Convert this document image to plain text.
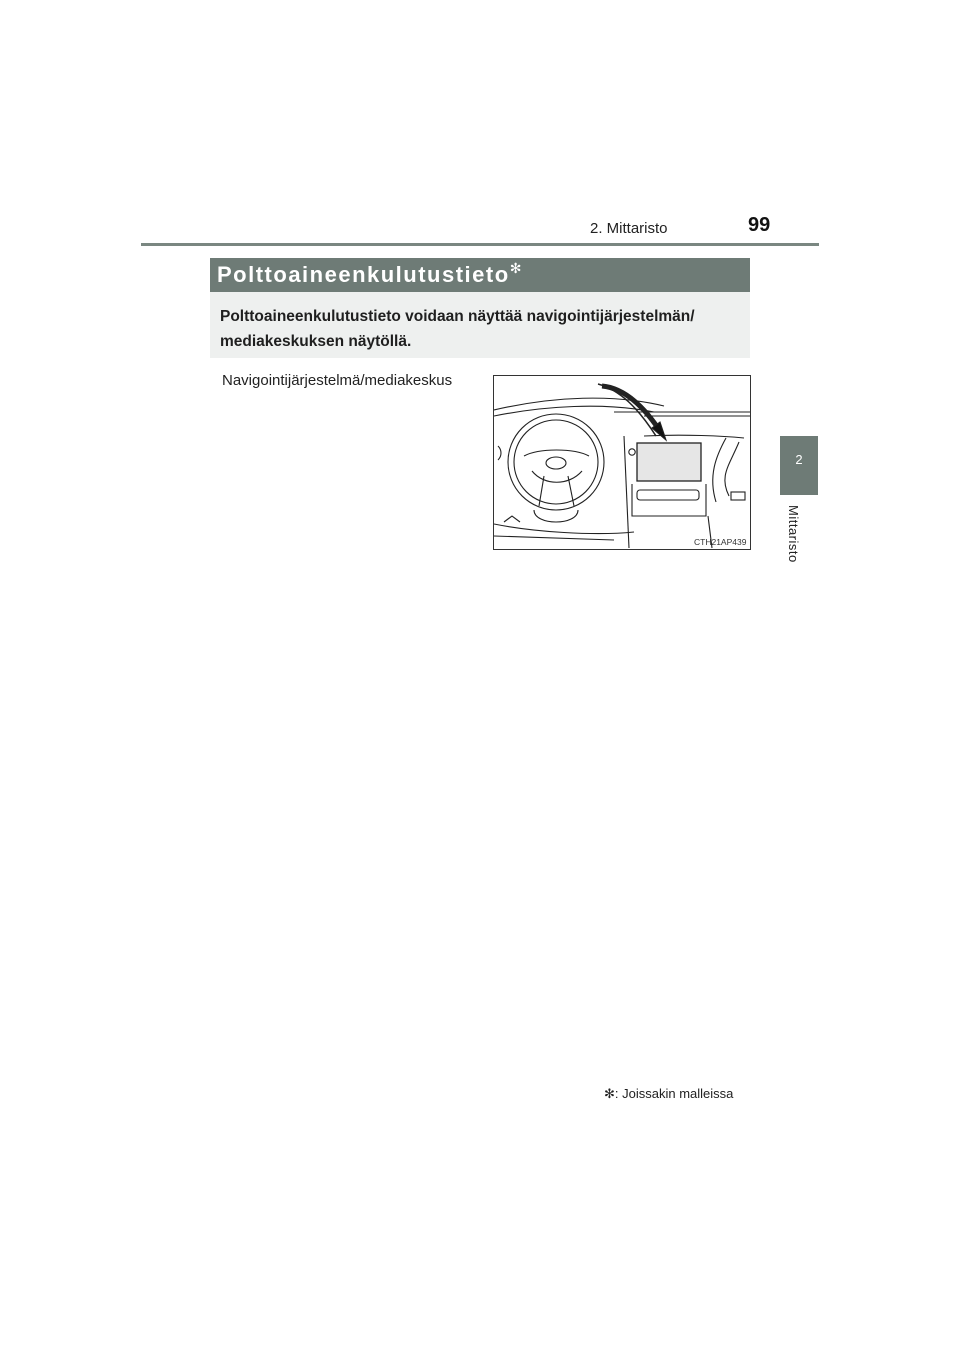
2. Mittaristo	99
2
Mittaristo
Polttoaineenkulutustieto✻
Polttoaineenkulutustieto voidaan näyttää navigointijärjestelmän/ mediakeskuksen näytöllä.
Navigointijärjestelmä/mediakeskus
CTH21AP439
✻: Joissakin malleissa
